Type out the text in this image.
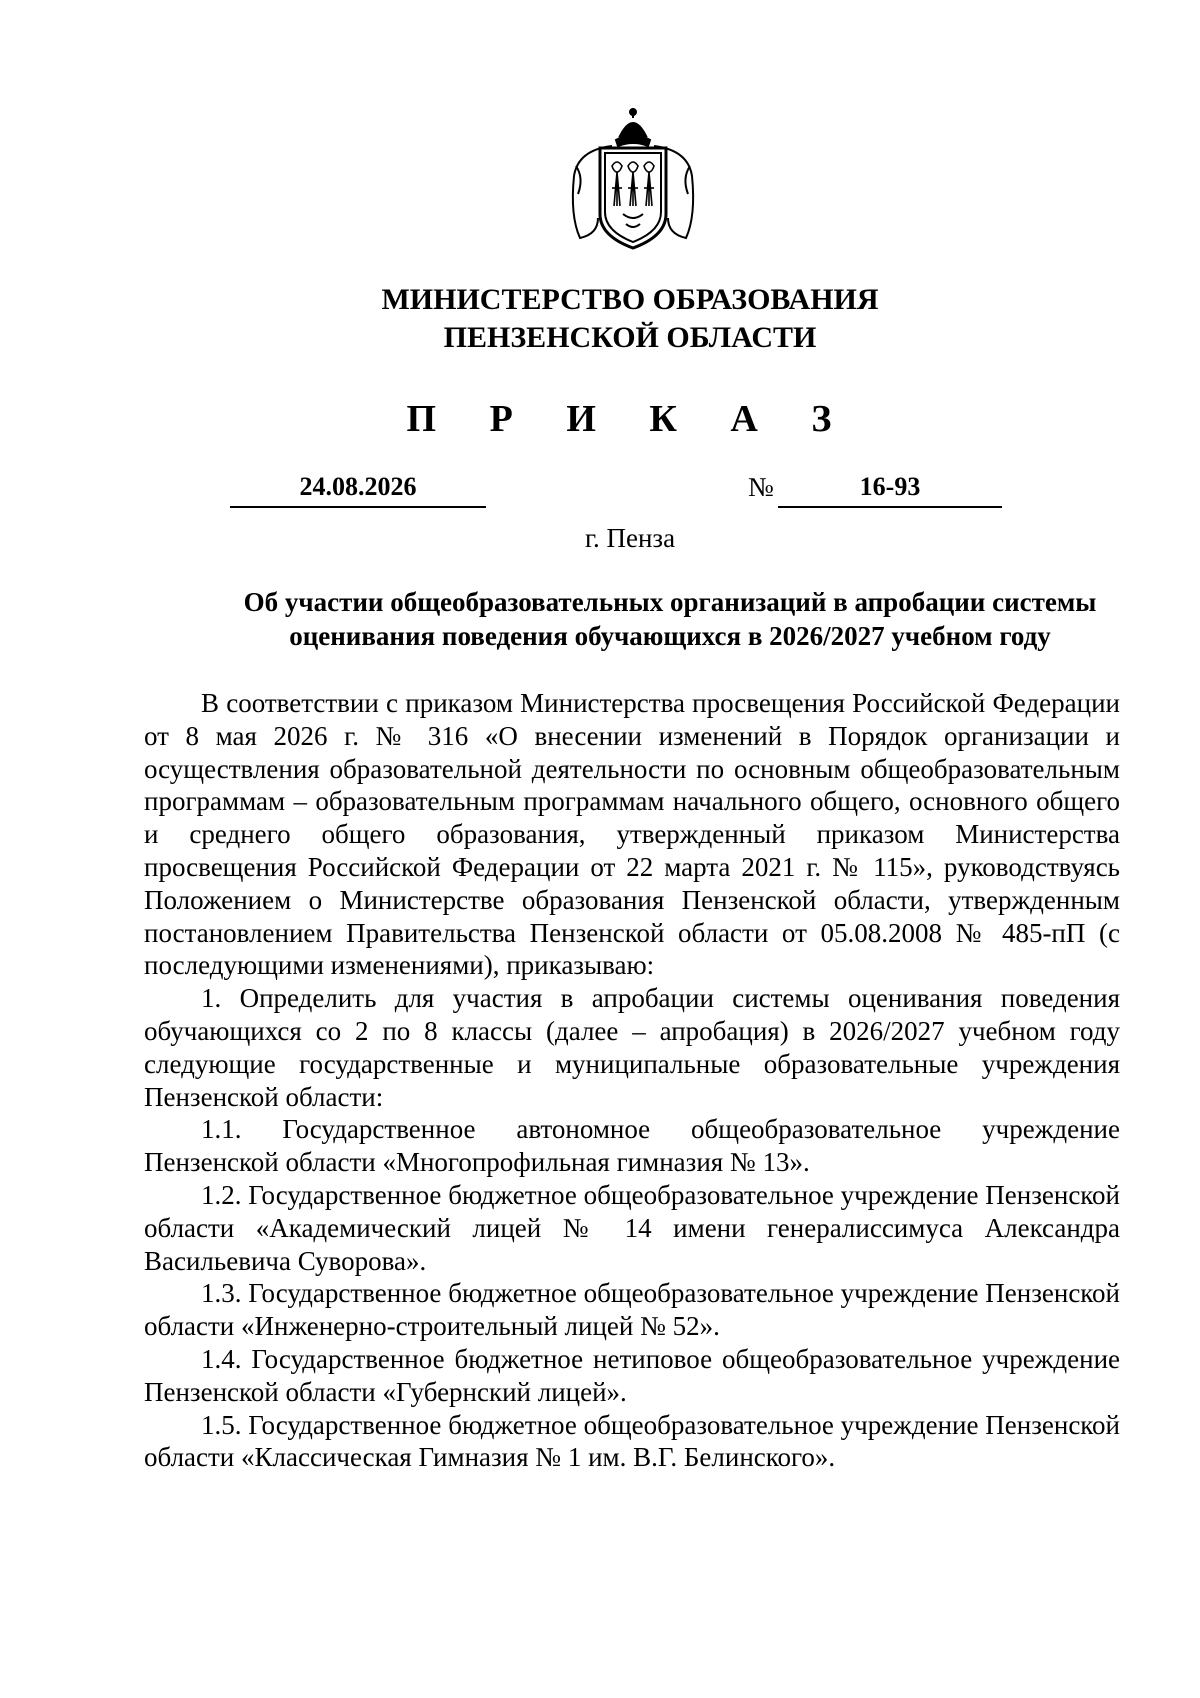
МИНИСТЕРСТВО ОБРАЗОВАНИЯ
ПЕНЗЕНСКОЙ ОБЛАСТИ
П Р И К А З
24.08.2026	№	16-93
г. Пенза
Об участии общеобразовательных организаций в апробации системы оценивания поведения обучающихся в 2026/2027 учебном году

В соответствии с приказом Министерства просвещения Российской Федерации от 8 мая 2026 г. № 316 «О внесении изменений в Порядок организации и осуществления образовательной деятельности по основным общеобразовательным программам – образовательным программам начального общего, основного общего и среднего общего образования, утвержденный приказом Министерства просвещения Российской Федерации от 22 марта 2021 г. № 115», руководствуясь Положением о Министерстве образования Пензенской области, утвержденным постановлением Правительства Пензенской области от 05.08.2008 № 485-пП (с последующими изменениями), приказываю:

1. Определить для участия в апробации системы оценивания поведения обучающихся со 2 по 8 классы (далее – апробация) в 2026/2027 учебном году следующие государственные и муниципальные образовательные учреждения Пензенской области:

1.1. Государственное автономное общеобразовательное учреждение Пензенской области «Многопрофильная гимназия № 13».

1.2. Государственное бюджетное общеобразовательное учреждение Пензенской области «Академический лицей № 14 имени генералиссимуса Александра Васильевича Суворова».

1.3. Государственное бюджетное общеобразовательное учреждение Пензенской области «Инженерно-строительный лицей № 52».

1.4. Государственное бюджетное нетиповое общеобразовательное учреждение Пензенской области «Губернский лицей».

1.5. Государственное бюджетное общеобразовательное учреждение Пензенской области «Классическая Гимназия № 1 им. В.Г. Белинского».
